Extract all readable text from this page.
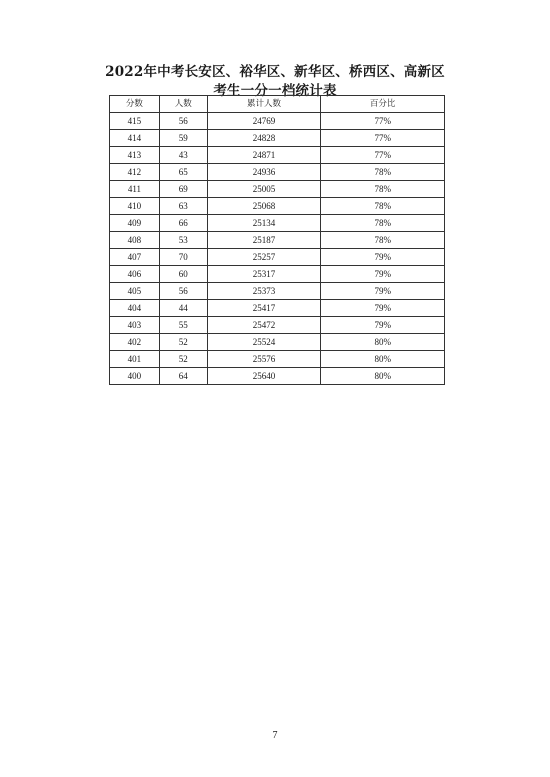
2022年中考长安区、裕华区、新华区、桥西区、高新区
考生一分一档统计表
分数	人数	累计人数	百分比
415	56	24769	77%
414	59	24828	77%
413	43	24871	77%
412	65	24936	78%
411	69	25005	78%
410	63	25068	78%
409	66	25134	78%
408	53	25187	78%
407	70	25257	79%
406	60	25317	79%
405	56	25373	79%
404	44	25417	79%
403	55	25472	79%
402	52	25524	80%
401	52	25576	80%
400	64	25640	80%
7
